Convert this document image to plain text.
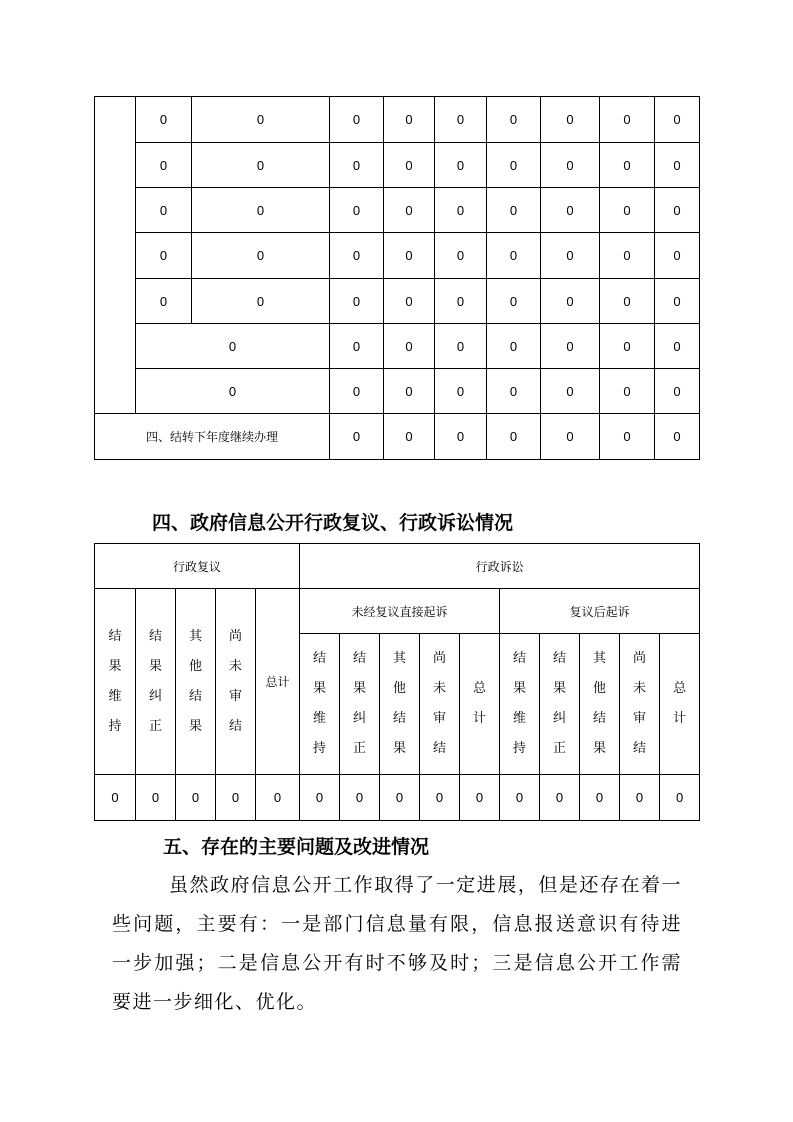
	0	0	0	0	0	0	0	0	0
	0	0	0	0	0	0	0	0	0
	0	0	0	0	0	0	0	0	0
	0	0	0	0	0	0	0	0	0
	0	0	0	0	0	0	0	0	0
	0		0	0	0	0	0	0	0
	0		0	0	0	0	0	0	0
四、结转下年度继续办理			0	0	0	0	0	0	0
四、政府信息公开行政复议、行政诉讼情况
行政复议					行政诉讼									

结
果
维
持	结
果
纠
正	其
他
结
果	尚
未
审
结	总计	未经复议直接起诉					复议后起诉				

					结
果
维
持	结
果
纠
正	其
他
结
果	尚
未
审
结	总
计	结
果
维
持	结
果
纠
正	其
他
结
果	尚
未
审
结	总
计

0	0	0	0	0	0	0	0	0	0	0	0	0	0	0
五、存在的主要问题及改进情况

虽然政府信息公开工作取得了一定进展，但是还存在着一些问题，主要有：一是部门信息量有限，信息报送意识有待进一步加强；二是信息公开有时不够及时；三是信息公开工作需要进一步细化、优化。
